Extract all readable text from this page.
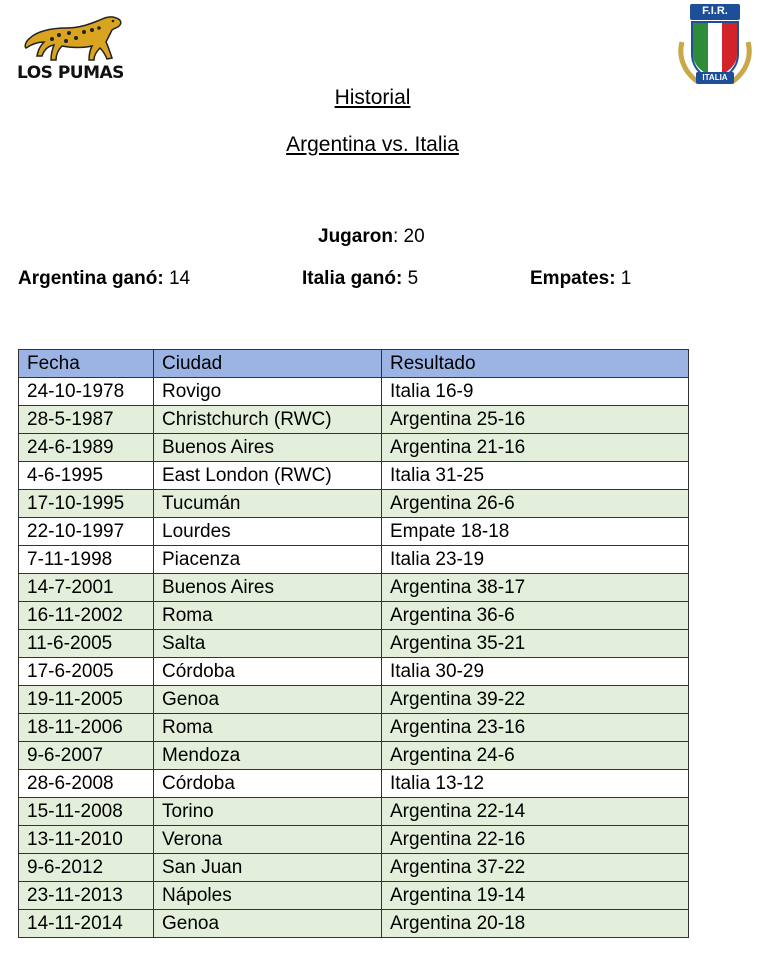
LOS PUMAS
F.I.R.
ITALIA
Historial
Argentina vs. Italia
Jugaron: 20
Argentina ganó: 14	Italia ganó: 5	Empates: 1
Fecha	Ciudad	Resultado
24-10-1978	Rovigo	Italia 16-9
28-5-1987	Christchurch (RWC)	Argentina 25-16
24-6-1989	Buenos Aires	Argentina 21-16
4-6-1995	East London (RWC)	Italia 31-25
17-10-1995	Tucumán	Argentina 26-6
22-10-1997	Lourdes	Empate 18-18
7-11-1998	Piacenza	Italia 23-19
14-7-2001	Buenos Aires	Argentina 38-17
16-11-2002	Roma	Argentina 36-6
11-6-2005	Salta	Argentina 35-21
17-6-2005	Córdoba	Italia 30-29
19-11-2005	Genoa	Argentina 39-22
18-11-2006	Roma	Argentina 23-16
9-6-2007	Mendoza	Argentina 24-6
28-6-2008	Córdoba	Italia 13-12
15-11-2008	Torino	Argentina 22-14
13-11-2010	Verona	Argentina 22-16
9-6-2012	San Juan	Argentina 37-22
23-11-2013	Nápoles	Argentina 19-14
14-11-2014	Genoa	Argentina 20-18
